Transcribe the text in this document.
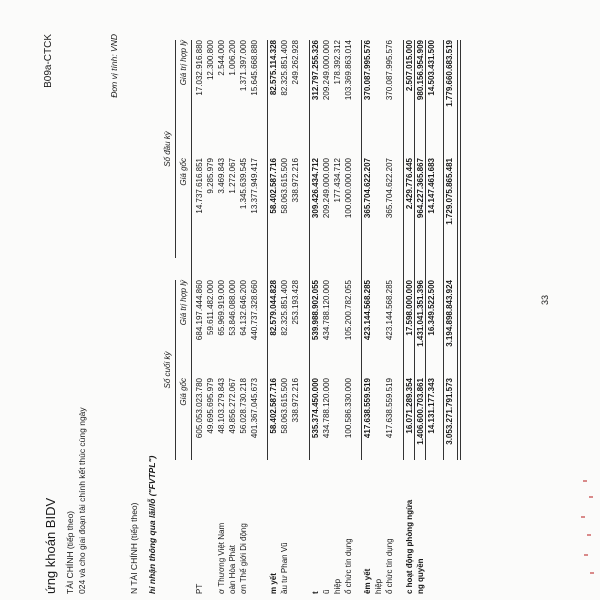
ứng khoán BIDV
B09a-CTCK
TÀI CHÍNH (tiếp theo) 024 và cho giai đoạn tài chính kết thúc cùng ngày
Đơn vị tính: VND
N TÀI CHÍNH (tiếp theo) hi nhận thông qua lãi/lỗ ("FVTPL")
Số cuối kỳ
Số đầu kỳ
Giá gốc
Giá trị hợp lý
Giá gốc
Giá trị hợp lý
PT
605.053.023.780
684.197.444.860
14.737.616.851
17.032.916.880
49.695.695.979
59.611.482.000
9.285.979
12.300.800
ơ Thương Việt Nam
48.103.279.843
65.969.919.000
3.469.843
2.544.000
oàn Hòa Phát
49.856.272.067
53.846.088.000
1.272.067
1.006.200
ơn Thế giới Di động
56.028.730.218
64.132.646.200
1.345.639.545
1.371.397.000
401.367.045.673
440.737.328.660
13.377.949.417
15.645.668.880
m yết
58.402.587.716
82.579.044.828
58.402.587.716
82.575.114.328
ầu tư Phan Vũ
58.063.615.500
82.325.851.400
58.063.615.500
82.325.851.400
338.972.216
253.193.428
338.972.216
249.262.928
t
535.374.450.000
539.988.902.055
309.426.434.712
312.797.255.326
ũ
434.788.120.000
434.788.120.000
209.249.000.000
209.249.000.000
hiệp
177.434.712
178.392.312
ổ chức tín dụng
100.586.330.000
105.200.782.055
100.000.000.000
103.369.863.014
êm yết
417.638.559.519
423.144.568.285
365.704.622.207
370.087.995.576
hiệp ổ chức tín dụng
417.638.559.519
423.144.568.285
365.704.622.207
370.087.995.576
c hoạt động phòng ngừa
16.071.289.354
17.598.000.000
2.429.776.445
2.507.015.000
ng quyền
1.406.600.703.861
1.431.041.351.396
964.227.365.867
980.156.954.909
14.131.177.343
16.349.522.500
14.147.461.683
14.503.431.500
3.053.271.791.573
3.194.898.843.924
1.729.075.865.481
1.779.660.683.519
33
